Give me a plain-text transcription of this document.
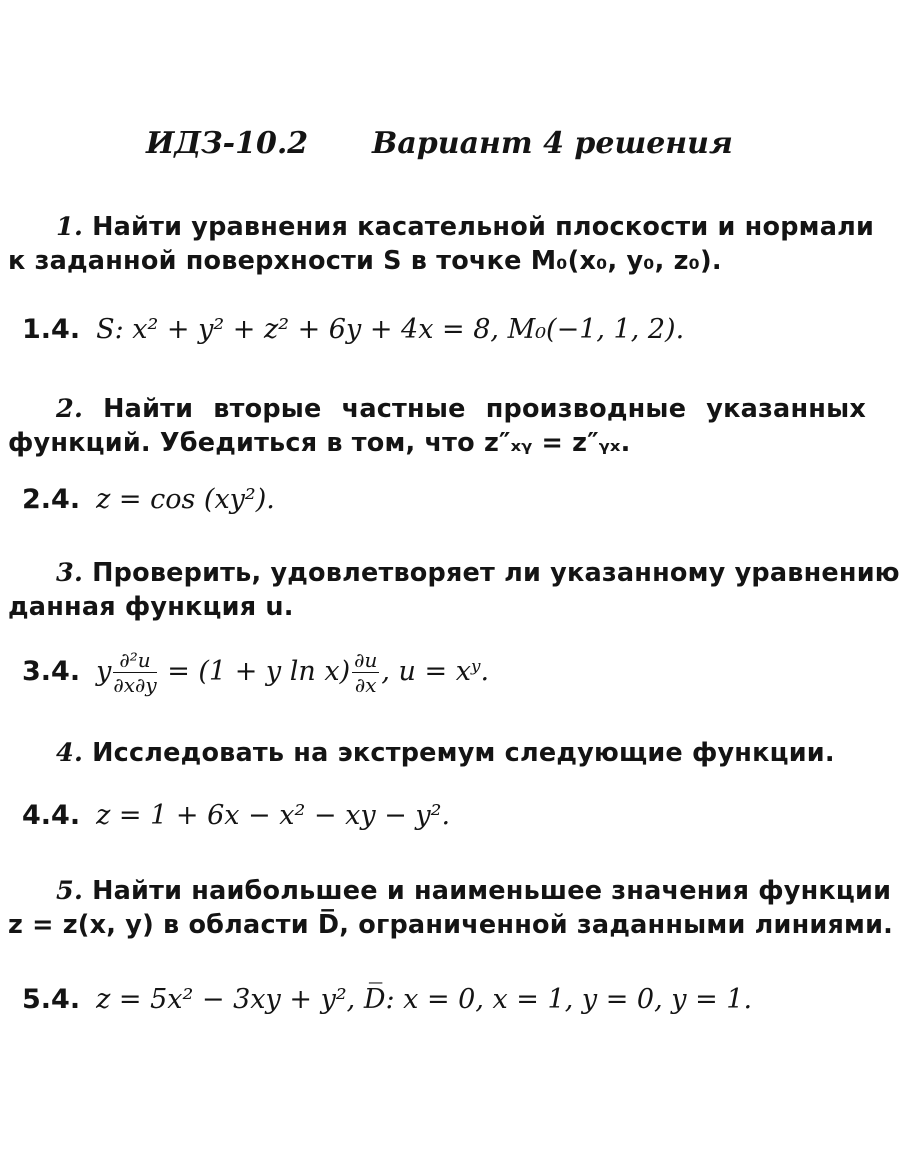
ИДЗ-10.2 Вариант 4 решения
1. Найти уравнения касательной плоскости и нормали
к заданной поверхности S в точке M₀(x₀, y₀, z₀).
1.4. S: x² + y² + z² + 6y + 4x = 8, M₀(−1, 1, 2).
2. Найти вторые частные производные указанных
функций. Убедиться в том, что z″ₓᵧ = z″ᵧₓ.
2.4. z = cos (xy²).
3. Проверить, удовлетворяет ли указанному уравнению
данная функция u.
3.4. y $\frac{\text{∂²u}}{\partial x\partial y} = (1 + y$ $\ln x) \frac{\partial u}{\partial x}$ , u = xʸ.
4. Исследовать на экстремум следующие функции.
4.4. z = 1 + 6x − x² − xy − y².
5. Найти наибольшее и наименьшее значения функции
z = z(x, y) в области D̅, ограниченной заданными линиями.
5.4. z = 5x² − 3xy + y², D̅: x = 0, x = 1, y = 0, y = 1.
